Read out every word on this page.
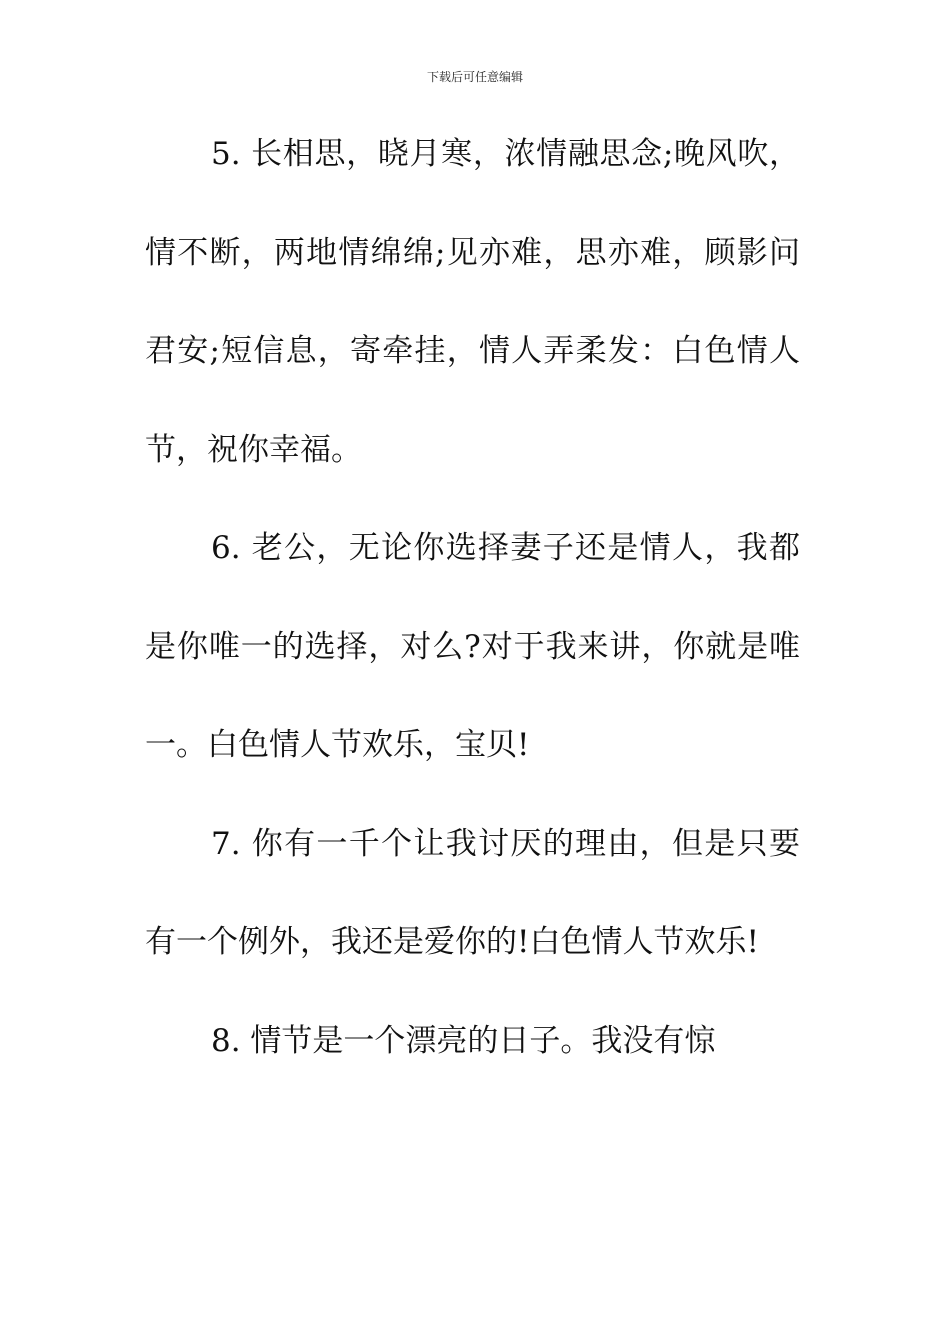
下载后可任意编辑

5. 长相思，晓月寒，浓情融思念;晚风吹，情不断，两地情绵绵;见亦难，思亦难，顾影问君安;短信息，寄牵挂，情人弄柔发：白色情人节，祝你幸福。

6. 老公，无论你选择妻子还是情人，我都是你唯一的选择，对么?对于我来讲，你就是唯一。白色情人节欢乐，宝贝!

7. 你有一千个让我讨厌的理由，但是只要有一个例外，我还是爱你的!白色情人节欢乐!

8. 情节是一个漂亮的日子。我没有惊
